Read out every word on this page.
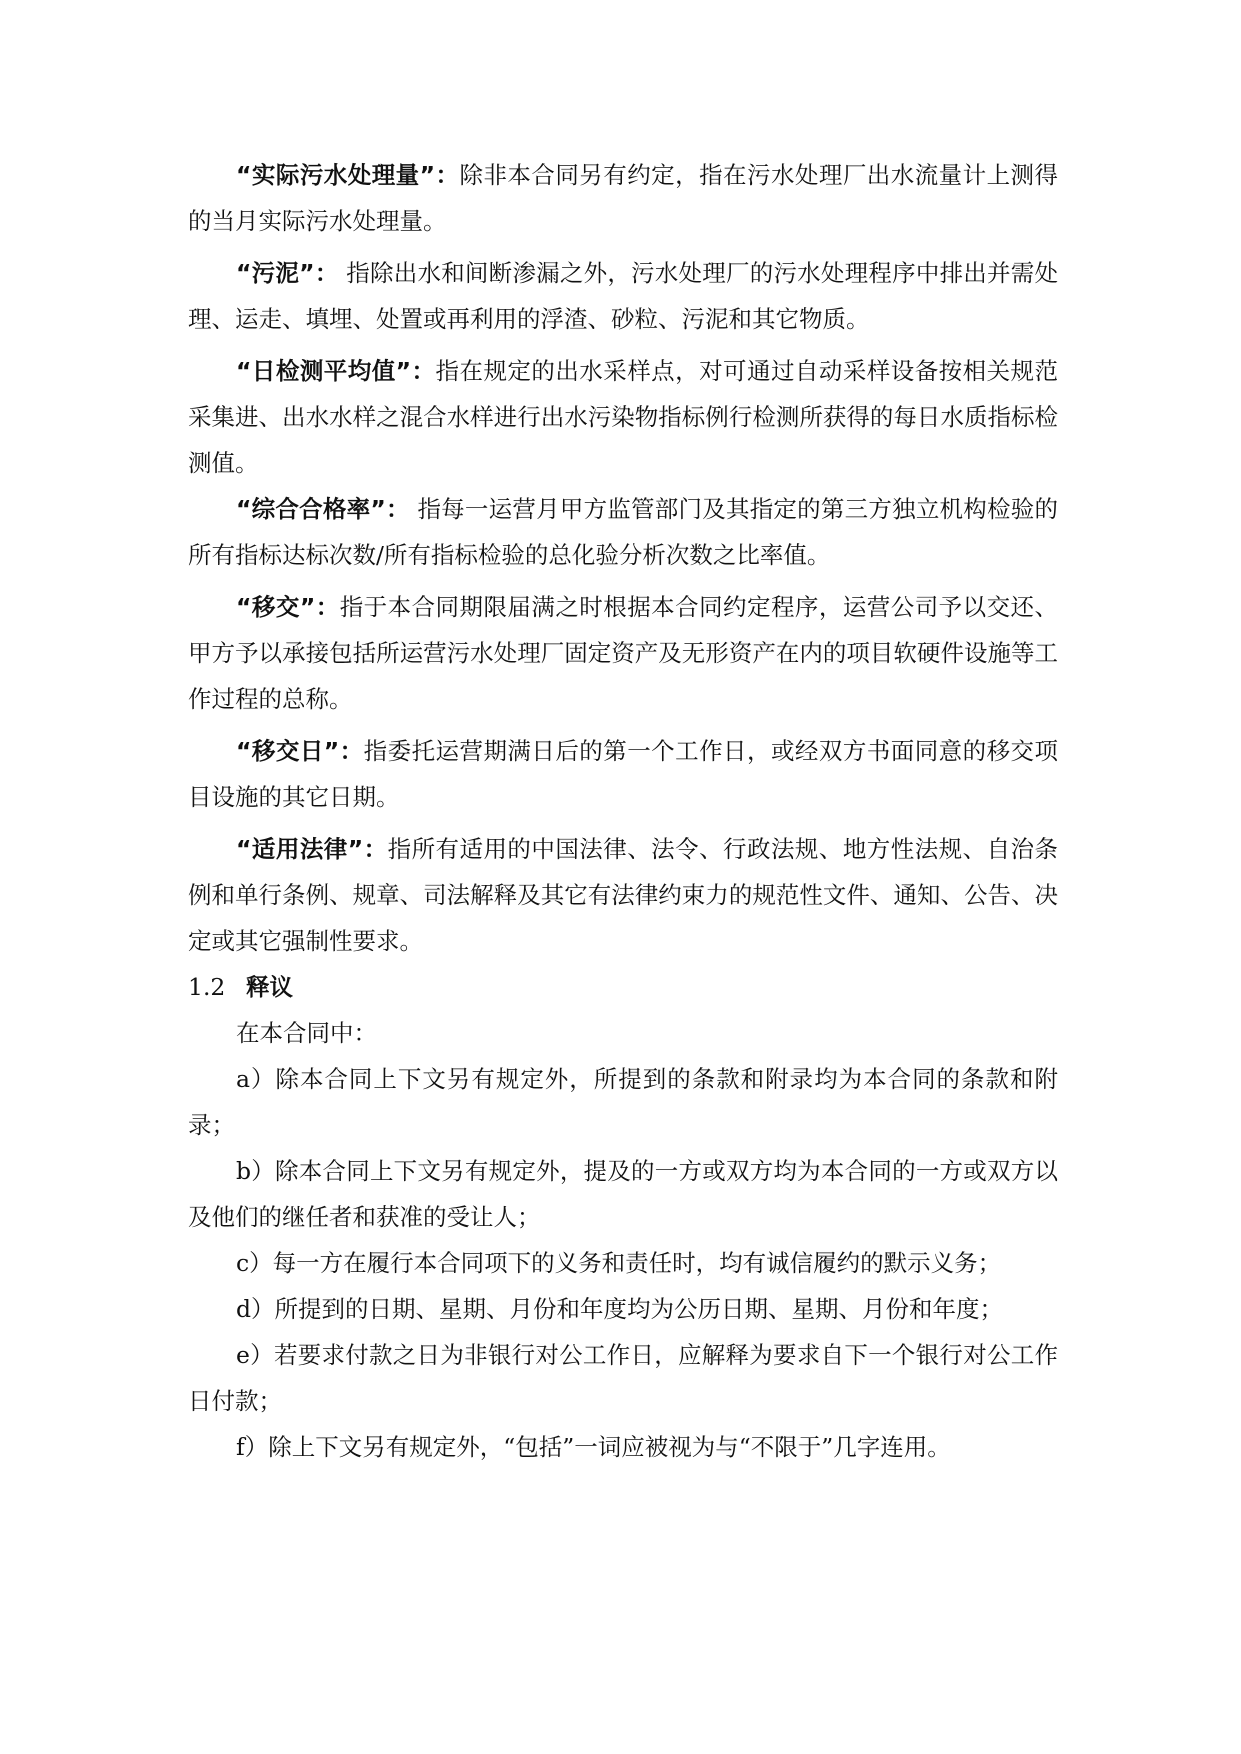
“实际污水处理量”：除非本合同另有约定，指在污水处理厂出水流量计上测得的当月实际污水处理量。

“污泥”： 指除出水和间断渗漏之外，污水处理厂的污水处理程序中排出并需处理、运走、填埋、处置或再利用的浮渣、砂粒、污泥和其它物质。

“日检测平均值”：指在规定的出水采样点，对可通过自动采样设备按相关规范采集进、出水水样之混合水样进行出水污染物指标例行检测所获得的每日水质指标检测值。

“综合合格率”： 指每一运营月甲方监管部门及其指定的第三方独立机构检验的所有指标达标次数/所有指标检验的总化验分析次数之比率值。

“移交”：指于本合同期限届满之时根据本合同约定程序，运营公司予以交还、甲方予以承接包括所运营污水处理厂固定资产及无形资产在内的项目软硬件设施等工作过程的总称。

“移交日”：指委托运营期满日后的第一个工作日，或经双方书面同意的移交项目设施的其它日期。

“适用法律”：指所有适用的中国法律、法令、行政法规、地方性法规、自治条例和单行条例、规章、司法解释及其它有法律约束力的规范性文件、通知、公告、决定或其它强制性要求。

1.2 释议

在本合同中：

a）除本合同上下文另有规定外，所提到的条款和附录均为本合同的条款和附录；

b）除本合同上下文另有规定外，提及的一方或双方均为本合同的一方或双方以及他们的继任者和获准的受让人；

c）每一方在履行本合同项下的义务和责任时，均有诚信履约的默示义务；

d）所提到的日期、星期、月份和年度均为公历日期、星期、月份和年度；

e）若要求付款之日为非银行对公工作日，应解释为要求自下一个银行对公工作日付款；

f）除上下文另有规定外，“包括”一词应被视为与“不限于”几字连用。
